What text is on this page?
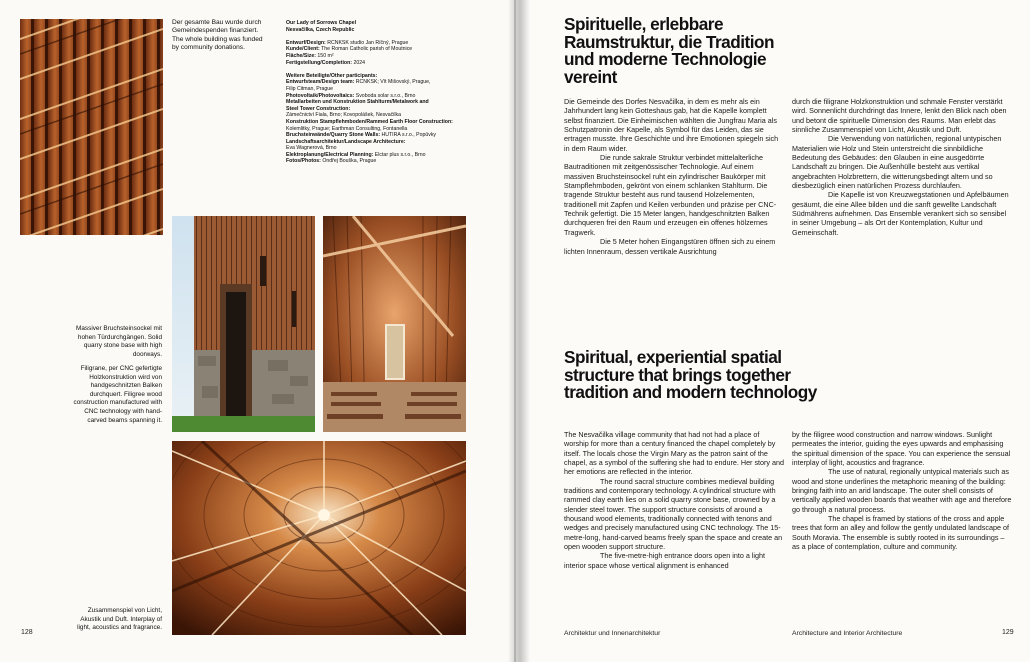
Der gesamte Bau wurde durch Gemeindespenden finanziert. The whole building was funded by community donations.
Our Lady of Sorrows Chapel
Nesvačilka, Czech Republic

Entwurf/Design: RCNKSK studio Jan Říčný, Prague
Kunde/Client: The Roman Catholic parish of Moutnice
Fläche/Size: 150 m²
Fertigstellung/Completion: 2024

Weitere Beteiligte/Other participants:
Entwurfsteam/Design team: RCNKSK; Vít Mišovský, Prague,
Filip Citman, Prague
Photovoltaik/Photovoltaics: Svoboda solar s.r.o., Brno
Metallarbeiten und Konstruktion Stahlturm/Metalwork and
Steel Tower Construction:
Zámečnictví Fiala, Brno; Kovopolášek, Nesvačilka
Konstruktion Stampflehmboden/Rammed Earth Floor Construction:
Kolemlitky, Prague; Earthman Consulting, Fontanella
Bruchsteinwände/Quarry Stone Walls: HUTIRA s.r.o., Popůvky
Landschaftsarchitektur/Landscape Architecture:
Eva Wagnerová, Brno
Elektroplanung/Electrical Planning: Elctar plus s.r.o., Brno
Fotos/Photos: Ondřej Bouška, Prague
Massiver Bruchsteinsockel mit hohen Türdurchgängen. Solid quarry stone base with high doorways.
Filigrane, per CNC gefertigte Holzkonstruktion wird von handgeschnitzten Balken durchquert. Filigree wood construction manufactured with CNC technology with hand-carved beams spanning it.
Zusammenspiel von Licht, Akustik und Duft. Interplay of light, acoustics and fragrance.
128
Spirituelle, erlebbare Raumstruktur, die Tradition und moderne Technologie vereint

Die Gemeinde des Dorfes Nesvačilka, in dem es mehr als ein Jahrhundert lang kein Gotteshaus gab, hat die Kapelle komplett selbst finanziert. Die Einheimischen wählten die Jungfrau Maria als Schutzpatronin der Kapelle, als Symbol für das Leiden, das sie ertragen musste. Ihre Geschichte und ihre Emotionen spiegeln sich in dem Raum wider.

Die runde sakrale Struktur verbindet mittelalterliche Bautraditionen mit zeitgenössischer Technologie. Auf einem massiven Bruchsteinsockel ruht ein zylindrischer Baukörper mit Stampflehmboden, gekrönt von einem schlanken Stahlturm. Die tragende Struktur besteht aus rund tausend Holzelementen, traditionell mit Zapfen und Keilen verbunden und präzise per CNC-Technik gefertigt. Die 15 Meter langen, handgeschnitzten Balken durchqueren frei den Raum und erzeugen ein offenes hölzernes Tragwerk.

Die 5 Meter hohen Eingangstüren öffnen sich zu einem lichten Innenraum, dessen vertikale Ausrichtung

durch die filigrane Holzkonstruktion und schmale Fenster verstärkt wird. Sonnenlicht durchdringt das Innere, lenkt den Blick nach oben und betont die spirituelle Dimension des Raums. Man erlebt das sinnliche Zusammenspiel von Licht, Akustik und Duft.

Die Verwendung von natürlichen, regional untypischen Materialien wie Holz und Stein unterstreicht die sinnbildliche Bedeutung des Gebäudes: den Glauben in eine ausgedörrte Landschaft zu bringen. Die Außenhülle besteht aus vertikal angebrachten Holzbrettern, die witterungsbedingt altern und so diesbezüglich einen natürlichen Prozess durchlaufen.

Die Kapelle ist von Kreuzwegstationen und Apfelbäumen gesäumt, die eine Allee bilden und die sanft gewellte Landschaft Südmährens aufnehmen. Das Ensemble verankert sich so sensibel in seiner Umgebung – als Ort der Kontemplation, Kultur und Gemeinschaft.

Spiritual, experiential spatial structure that brings together tradition and modern technology

The Nesvačilka village community that had not had a place of worship for more than a century financed the chapel completely by itself. The locals chose the Virgin Mary as the patron saint of the chapel, as a symbol of the suffering she had to endure. Her story and her emotions are reflected in the interior.

The round sacral structure combines medieval building traditions and contemporary technology. A cylindrical structure with rammed clay earth lies on a solid quarry stone base, crowned by a slender steel tower. The support structure consists of around a thousand wood elements, traditionally connected with tenons and wedges and precisely manufactured using CNC technology. The 15-metre-long, hand-carved beams freely span the space and create an open wooden support structure.

The five-metre-high entrance doors open into a light interior space whose vertical alignment is enhanced

by the filigree wood construction and narrow windows. Sunlight permeates the interior, guiding the eyes upwards and emphasising the spiritual dimension of the space. You can experience the sensual interplay of light, acoustics and fragrance.

The use of natural, regionally untypical materials such as wood and stone underlines the metaphoric meaning of the building: bringing faith into an arid landscape. The outer shell consists of vertically applied wooden boards that weather with age and therefore go through a natural process.

The chapel is framed by stations of the cross and apple trees that form an alley and follow the gently undulated landscape of South Moravia. The ensemble is subtly rooted in its surroundings – as a place of contemplation, culture and community.

Architektur und Innenarchitektur	Architecture and Interior Architecture	129
